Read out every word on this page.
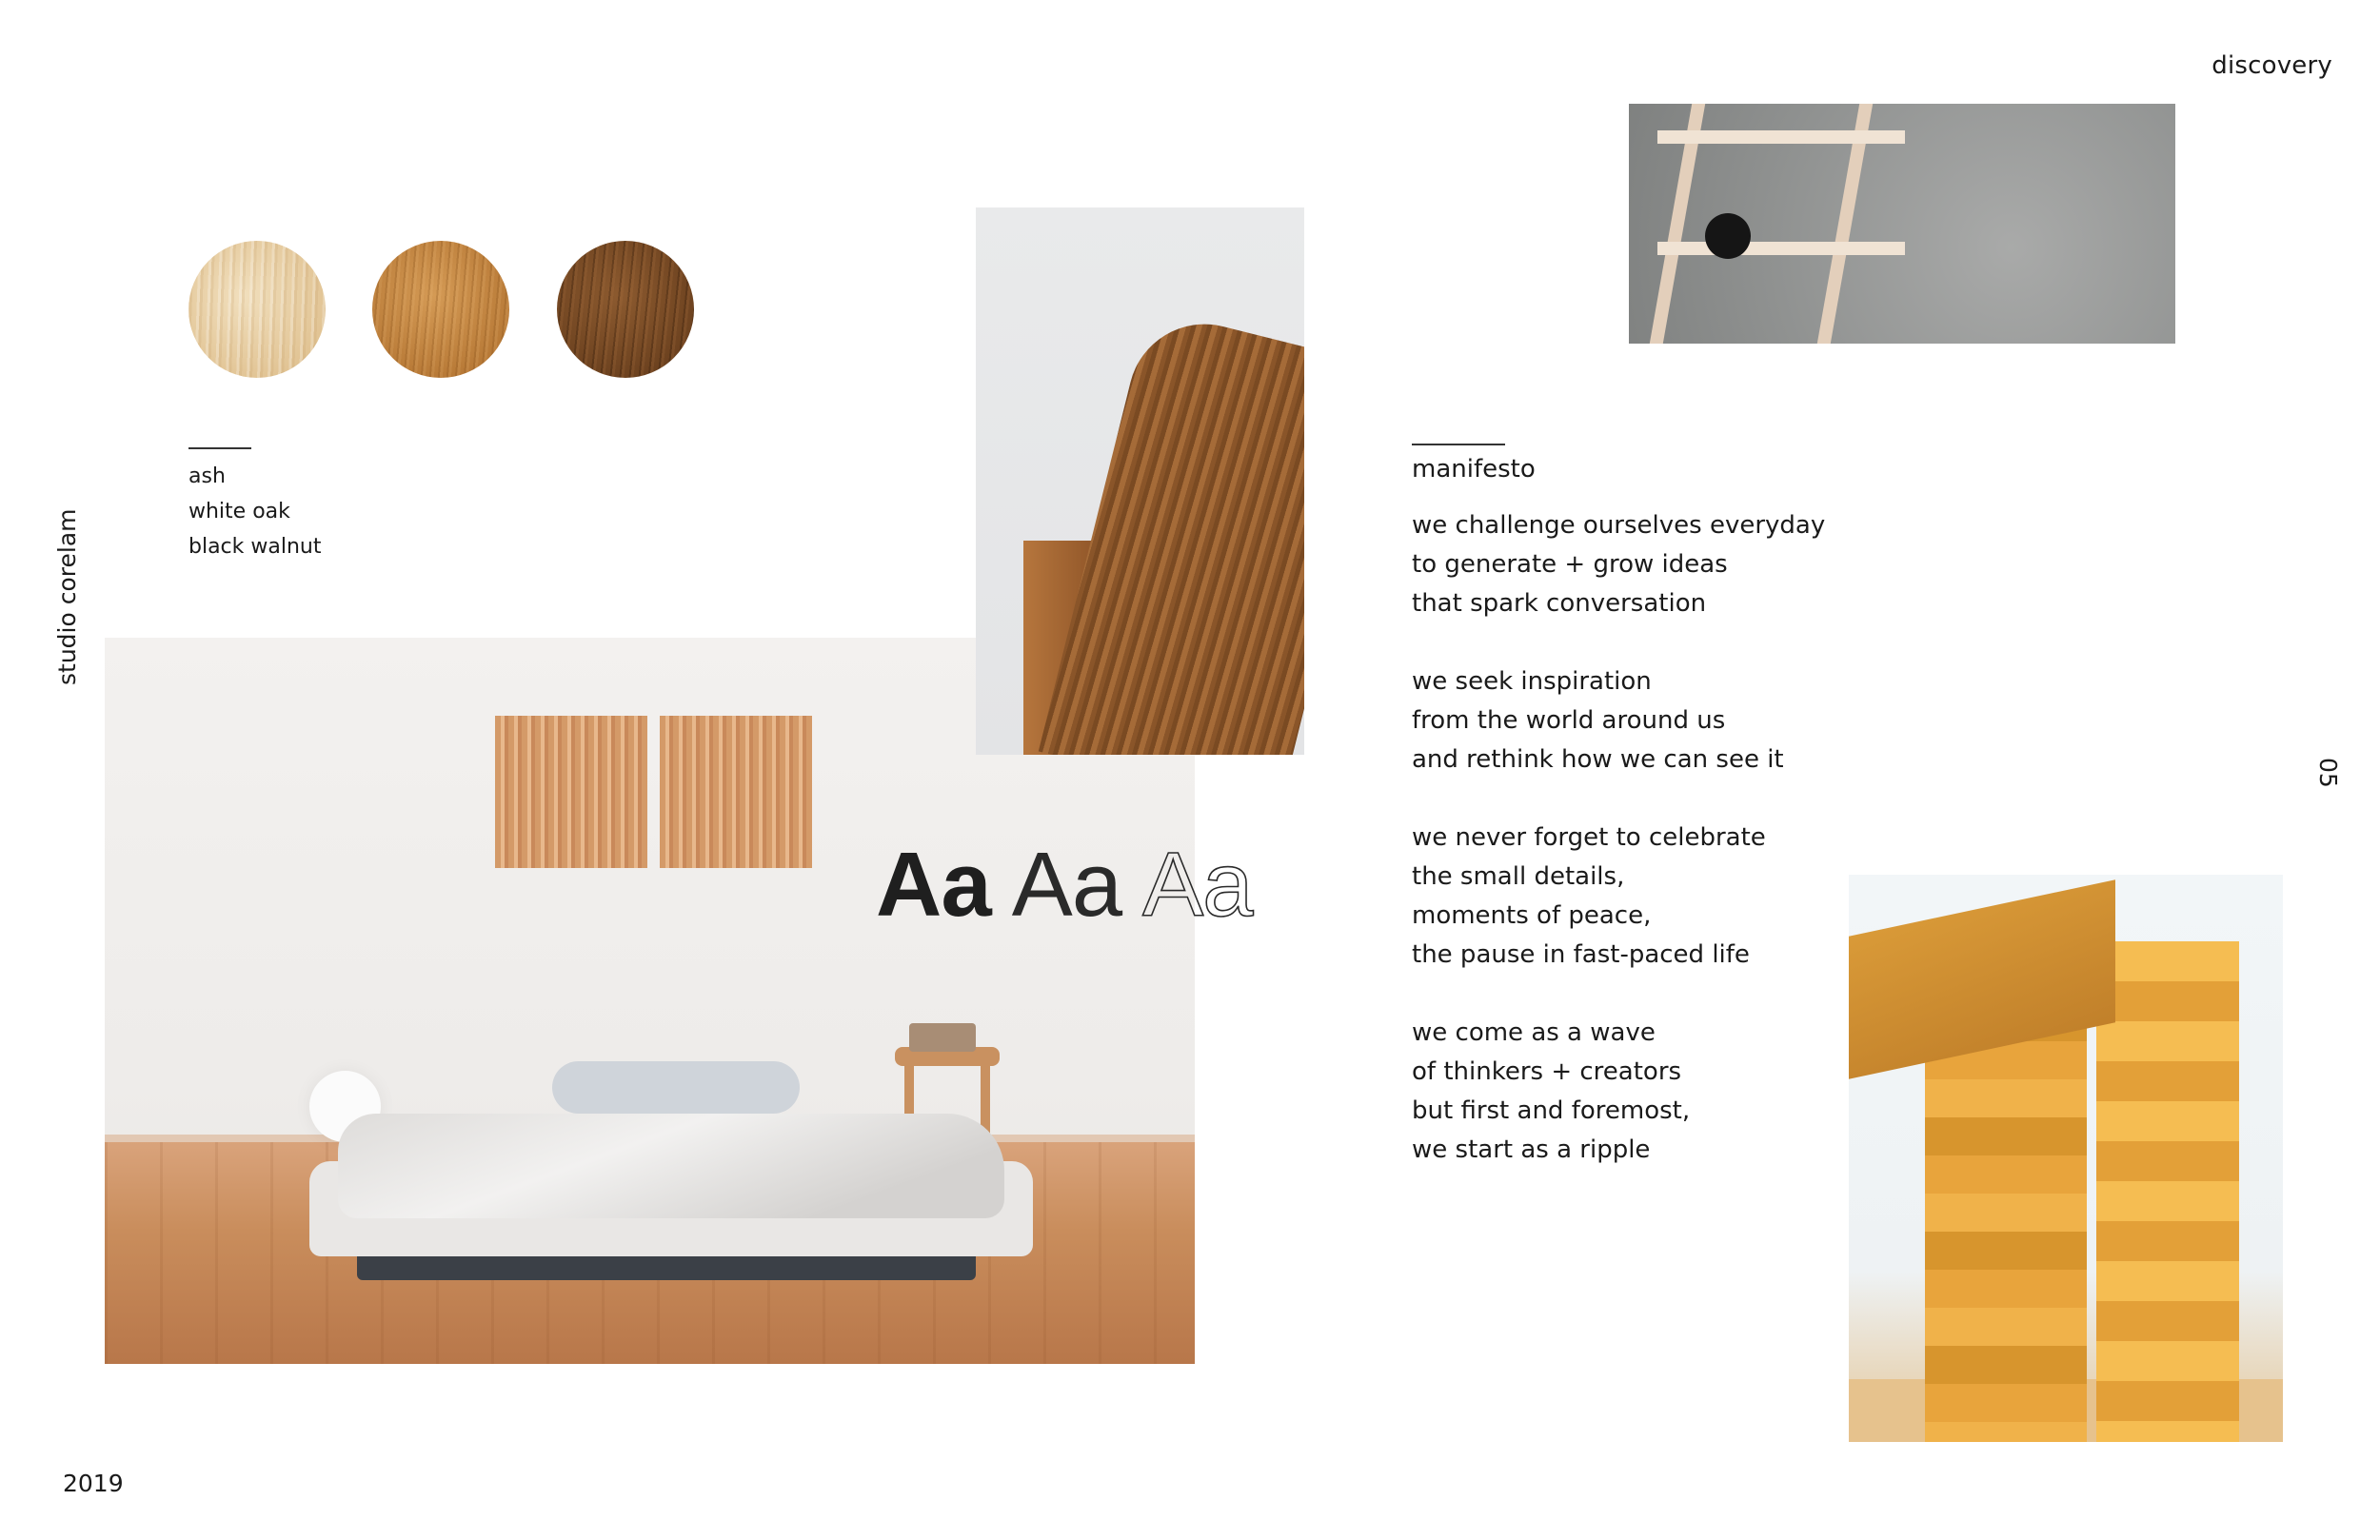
discovery
studio corelam
05
2019
ash
white oak
black walnut
Aa Aa Aa
manifesto
we challenge ourselves everyday
to generate + grow ideas
that spark conversation
we seek inspiration
from the world around us
and rethink how we can see it
we never forget to celebrate
the small details,
moments of peace,
the pause in fast-paced life
we come as a wave
of thinkers + creators
but first and foremost,
we start as a ripple
